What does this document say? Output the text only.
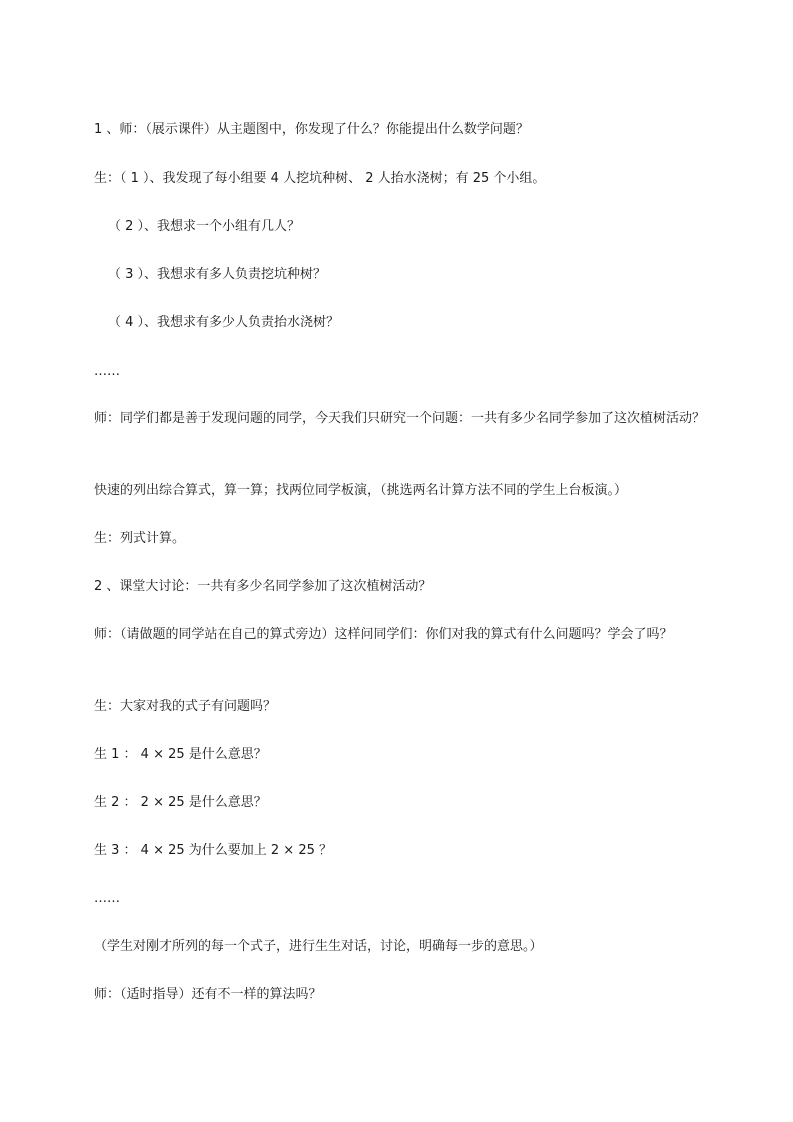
1 、师：（展示课件）从主题图中，你发现了什么？你能提出什么数学问题？
生：（ 1 ）、我发现了每小组要 4 人挖坑种树、 2 人抬水浇树；有 25 个小组。
（ 2 ）、我想求一个小组有几人？
（ 3 ）、我想求有多人负责挖坑种树？
（ 4 ）、我想求有多少人负责抬水浇树？
……
师：同学们都是善于发现问题的同学，今天我们只研究一个问题：一共有多少名同学参加了这次植树活动？
快速的列出综合算式，算一算；找两位同学板演，（挑选两名计算方法不同的学生上台板演。）
生：列式计算。
2 、课堂大讨论：一共有多少名同学参加了这次植树活动？
师：（请做题的同学站在自己的算式旁边）这样问同学们：你们对我的算式有什么问题吗？学会了吗？
生：大家对我的式子有问题吗？
生 1 ： 4 × 25 是什么意思？
生 2 ： 2 × 25 是什么意思？
生 3 ： 4 × 25 为什么要加上 2 × 25 ？
……
（学生对刚才所列的每一个式子，进行生生对话，讨论，明确每一步的意思。）
师：（适时指导）还有不一样的算法吗？
